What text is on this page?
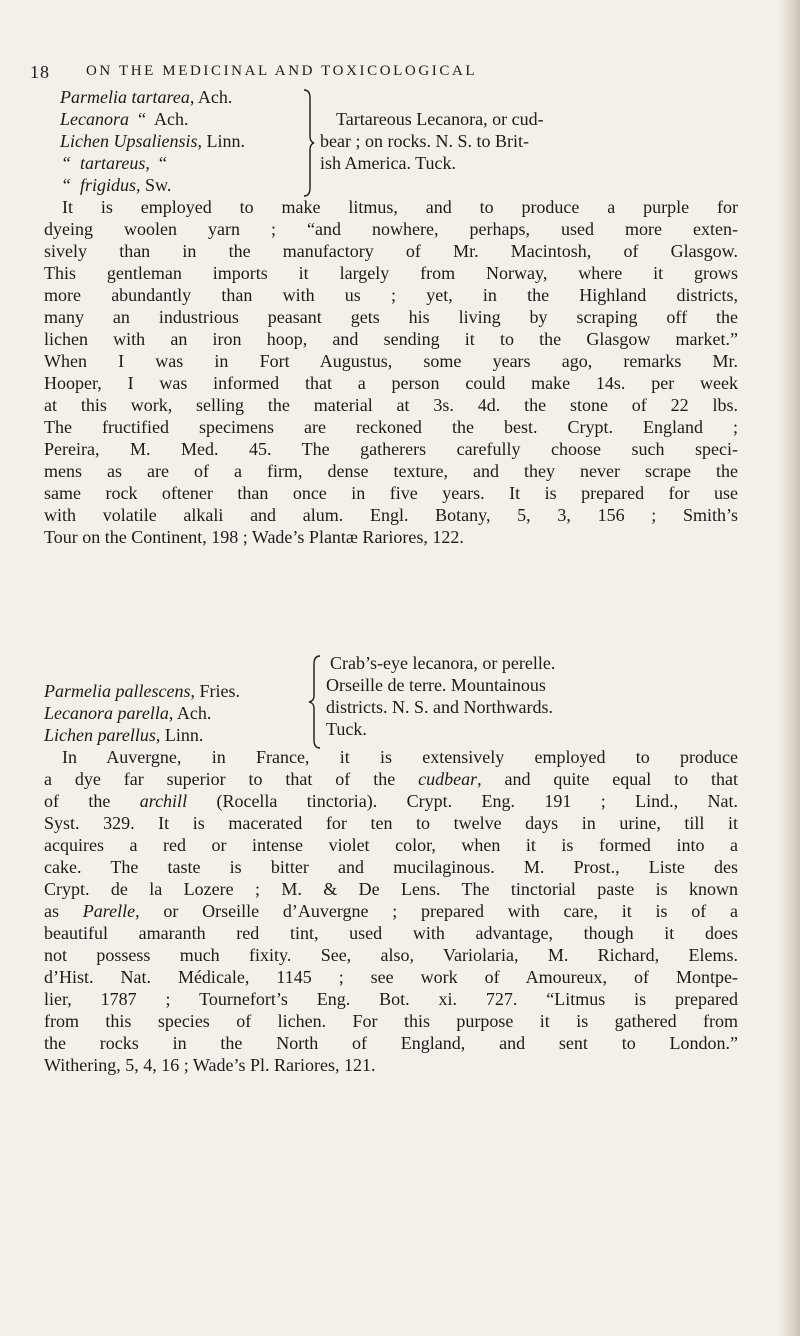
18 ON THE MEDICINAL AND TOXICOLOGICAL
Parmelia tartarea, Ach.
Lecanora  “  Ach.
Lichen Upsaliensis, Linn.
“  tartareus,  “
“  frigidus, Sw.
Tartareous Lecanora, or cud-
bear ; on rocks. N. S. to Brit-
ish America. Tuck.
It is employed to make litmus, and to produce a purple for
dyeing woolen yarn ; “and nowhere, perhaps, used more exten-
sively than in the manufactory of Mr. Macintosh, of Glasgow.
This gentleman imports it largely from Norway, where it grows
more abundantly than with us ; yet, in the Highland districts,
many an industrious peasant gets his living by scraping off the
lichen with an iron hoop, and sending it to the Glasgow market.”
When I was in Fort Augustus, some years ago, remarks Mr.
Hooper, I was informed that a person could make 14s. per week
at this work, selling the material at 3s. 4d. the stone of 22 lbs.
The fructified specimens are reckoned the best. Crypt. England ;
Pereira, M. Med. 45. The gatherers carefully choose such speci-
mens as are of a firm, dense texture, and they never scrape the
same rock oftener than once in five years. It is prepared for use
with volatile alkali and alum. Engl. Botany, 5, 3, 156 ; Smith’s
Tour on the Continent, 198 ; Wade’s Plantæ Rariores, 122.
Parmelia pallescens, Fries.
Lecanora parella, Ach.
Lichen parellus, Linn.
Crab’s-eye lecanora, or perelle.
Orseille de terre. Mountainous
districts. N. S. and Northwards.
Tuck.
In Auvergne, in France, it is extensively employed to produce
a dye far superior to that of the cudbear, and quite equal to that
of the archill (Rocella tinctoria). Crypt. Eng. 191 ; Lind., Nat.
Syst. 329. It is macerated for ten to twelve days in urine, till it
acquires a red or intense violet color, when it is formed into a
cake. The taste is bitter and mucilaginous. M. Prost., Liste des
Crypt. de la Lozere ; M. & De Lens. The tinctorial paste is known
as Parelle, or Orseille d’Auvergne ; prepared with care, it is of a
beautiful amaranth red tint, used with advantage, though it does
not possess much fixity. See, also, Variolaria, M. Richard, Elems.
d’Hist. Nat. Médicale, 1145 ; see work of Amoureux, of Montpe-
lier, 1787 ; Tournefort’s Eng. Bot. xi. 727. “Litmus is prepared
from this species of lichen. For this purpose it is gathered from
the rocks in the North of England, and sent to London.”
Withering, 5, 4, 16 ; Wade’s Pl. Rariores, 121.
